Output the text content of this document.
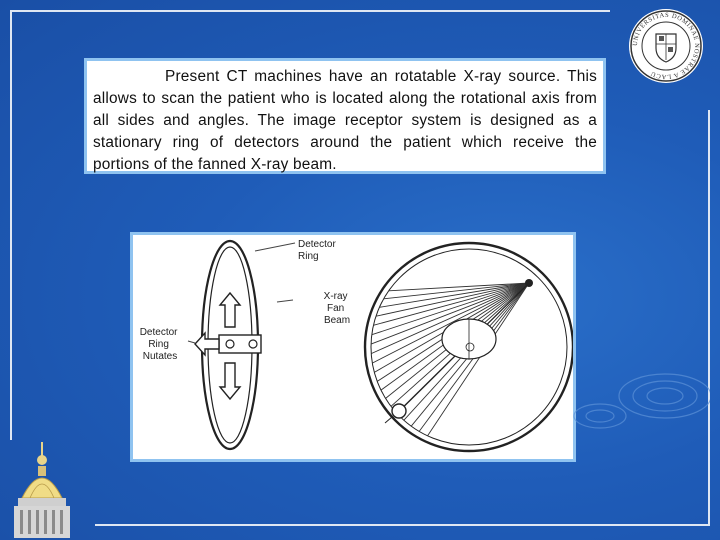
UNIVERSITAS DOMINAE NOSTRAE A LACU

Present CT machines have an rotatable X-ray source. This allows to scan the patient who is located along the rotational axis from all sides and angles. The image receptor system is designed as a stationary ring of detectors around the patient which receive the portions of the fanned X-ray beam.

Detector Ring
X-ray Fan Beam
Detector Ring Nutates
